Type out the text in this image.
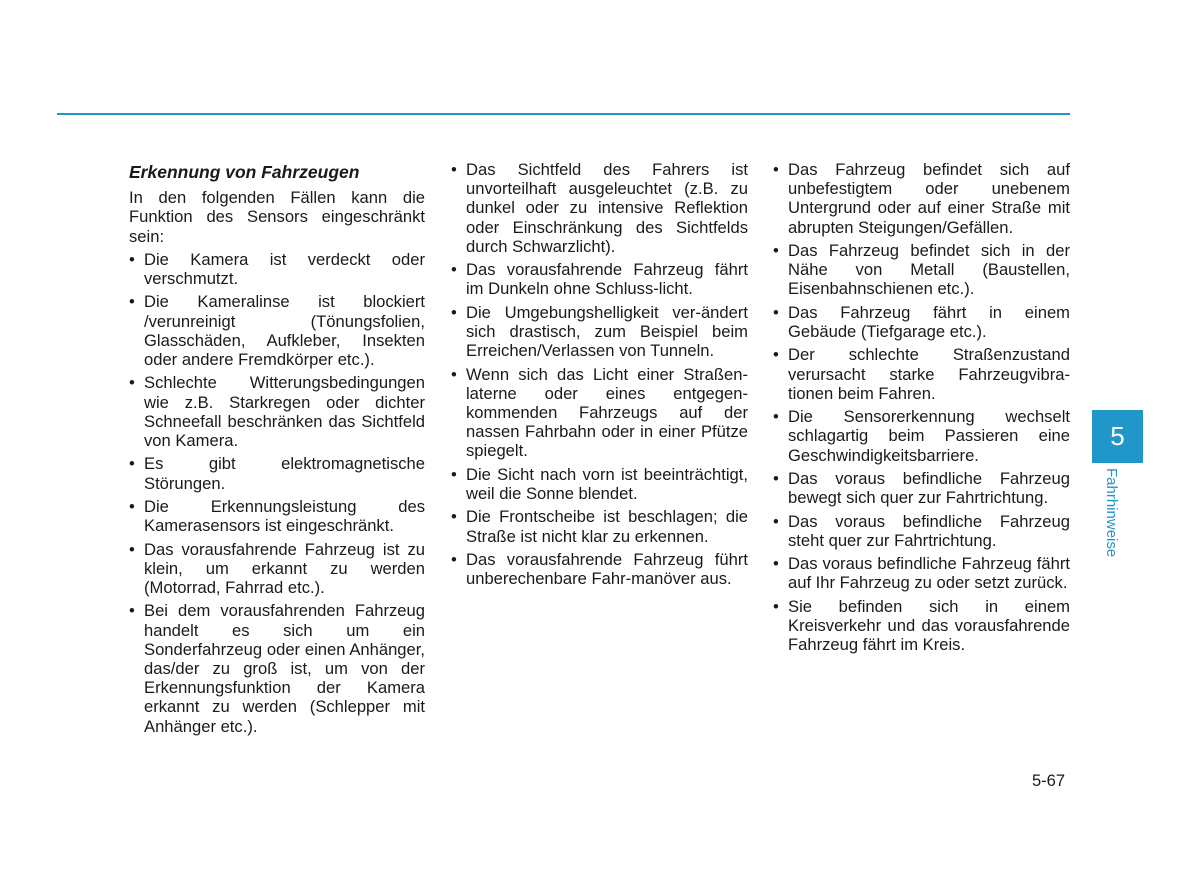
Erkennung von Fahrzeugen

In den folgenden Fällen kann die Funktion des Sensors eingeschränkt sein:

• Die Kamera ist verdeckt oder verschmutzt.
• Die Kameralinse ist blockiert /verunreinigt (Tönungsfolien, Glasschäden, Aufkleber, Insekten oder andere Fremdkörper etc.).
• Schlechte Witterungsbedingungen wie z.B. Starkregen oder dichter Schneefall beschränken das Sichtfeld von Kamera.
• Es gibt elektromagnetische Störungen.
• Die Erkennungsleistung des Kamerasensors ist eingeschränkt.
• Das vorausfahrende Fahrzeug ist zu klein, um erkannt zu werden (Motorrad, Fahrrad etc.).
• Bei dem vorausfahrenden Fahrzeug handelt es sich um ein Sonderfahrzeug oder einen Anhänger, das/der zu groß ist, um von der Erkennungsfunktion der Kamera erkannt zu werden (Schlepper mit Anhänger etc.).
• Das Sichtfeld des Fahrers ist unvorteilhaft ausgeleuchtet (z.B. zu dunkel oder zu intensive Reflektion oder Einschränkung des Sichtfelds durch Schwarzlicht).
• Das vorausfahrende Fahrzeug fährt im Dunkeln ohne Schluss-licht.
• Die Umgebungshelligkeit ver-ändert sich drastisch, zum Beispiel beim Erreichen/Verlassen von Tunneln.
• Wenn sich das Licht einer Straßen-laterne oder eines entgegen-kommenden Fahrzeugs auf der nassen Fahrbahn oder in einer Pfütze spiegelt.
• Die Sicht nach vorn ist beeinträchtigt, weil die Sonne blendet.
• Die Frontscheibe ist beschlagen; die Straße ist nicht klar zu erkennen.
• Das vorausfahrende Fahrzeug führt unberechenbare Fahr-manöver aus.
• Das Fahrzeug befindet sich auf unbefestigtem oder unebenem Untergrund oder auf einer Straße mit abrupten Steigungen/Gefällen.
• Das Fahrzeug befindet sich in der Nähe von Metall (Baustellen, Eisenbahnschienen etc.).
• Das Fahrzeug fährt in einem Gebäude (Tiefgarage etc.).
• Der schlechte Straßenzustand verursacht starke Fahrzeugvibra-tionen beim Fahren.
• Die Sensorerkennung wechselt schlagartig beim Passieren eine Geschwindigkeitsbarriere.
• Das voraus befindliche Fahrzeug bewegt sich quer zur Fahrtrichtung.
• Das voraus befindliche Fahrzeug steht quer zur Fahrtrichtung.
• Das voraus befindliche Fahrzeug fährt auf Ihr Fahrzeug zu oder setzt zurück.
• Sie befinden sich in einem Kreisverkehr und das vorausfahrende Fahrzeug fährt im Kreis.
5
Fahrhinweise
5-67
